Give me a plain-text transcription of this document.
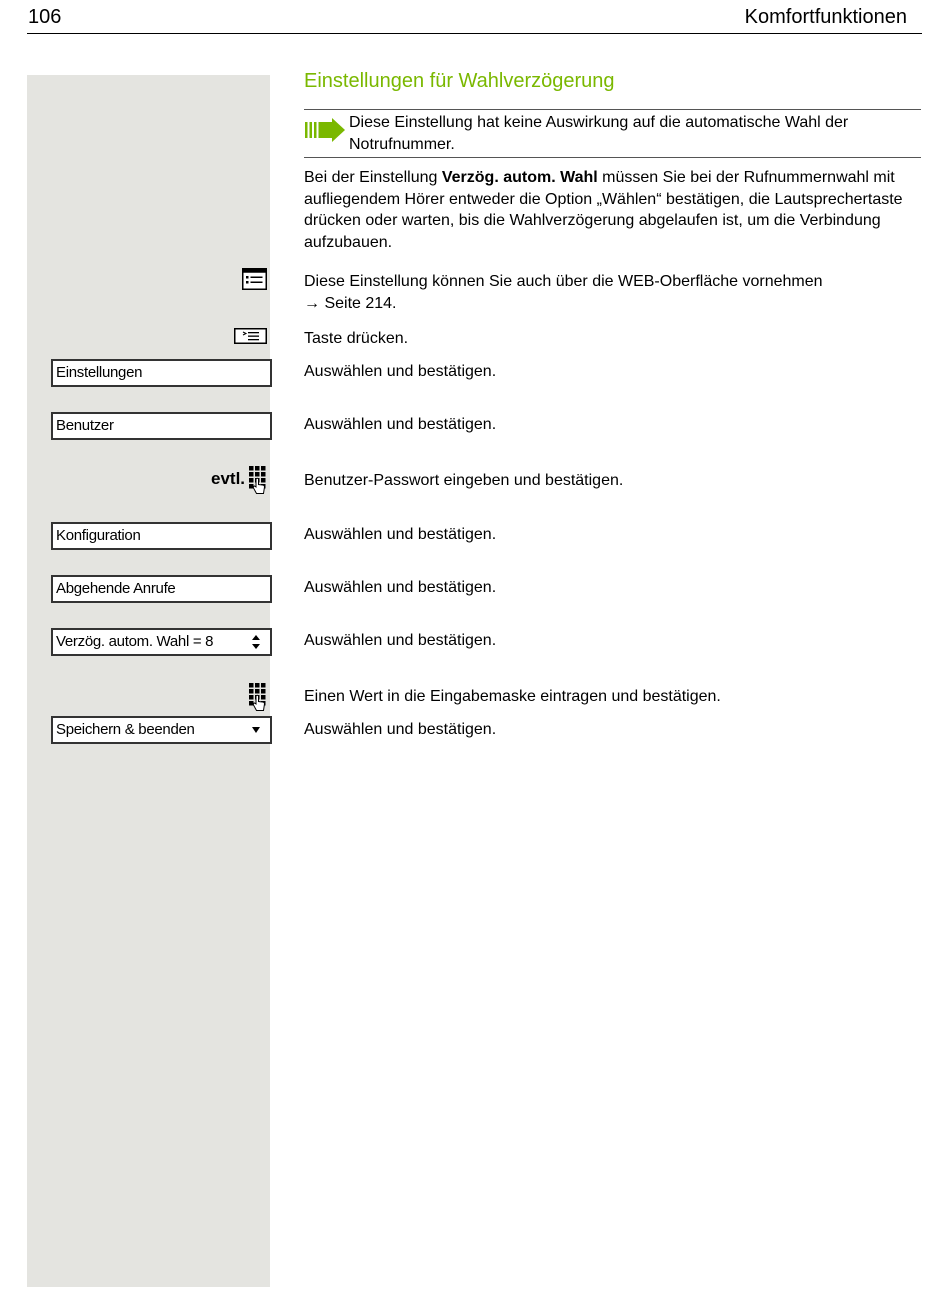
106	Komfortfunktionen
Einstellungen für Wahlverzögerung
Diese Einstellung hat keine Auswirkung auf die automatische Wahl der Notrufnummer.
Bei der Einstellung Verzög. autom. Wahl müssen Sie bei der Rufnummernwahl mit aufliegendem Hörer entweder die Option „Wählen“ bestätigen, die Lautsprechertaste drücken oder warten, bis die Wahlverzögerung abgelaufen ist, um die Verbindung aufzubauen.
Diese Einstellung können Sie auch über die WEB-Oberfläche vornehmen
→ Seite 214.
Taste drücken.
Einstellungen	Auswählen und bestätigen.
Benutzer	Auswählen und bestätigen.
evtl.	Benutzer-Passwort eingeben und bestätigen.
Konfiguration	Auswählen und bestätigen.
Abgehende Anrufe	Auswählen und bestätigen.
Verzög. autom. Wahl = 8	Auswählen und bestätigen.
Einen Wert in die Eingabemaske eintragen und bestätigen.
Speichern & beenden	Auswählen und bestätigen.
